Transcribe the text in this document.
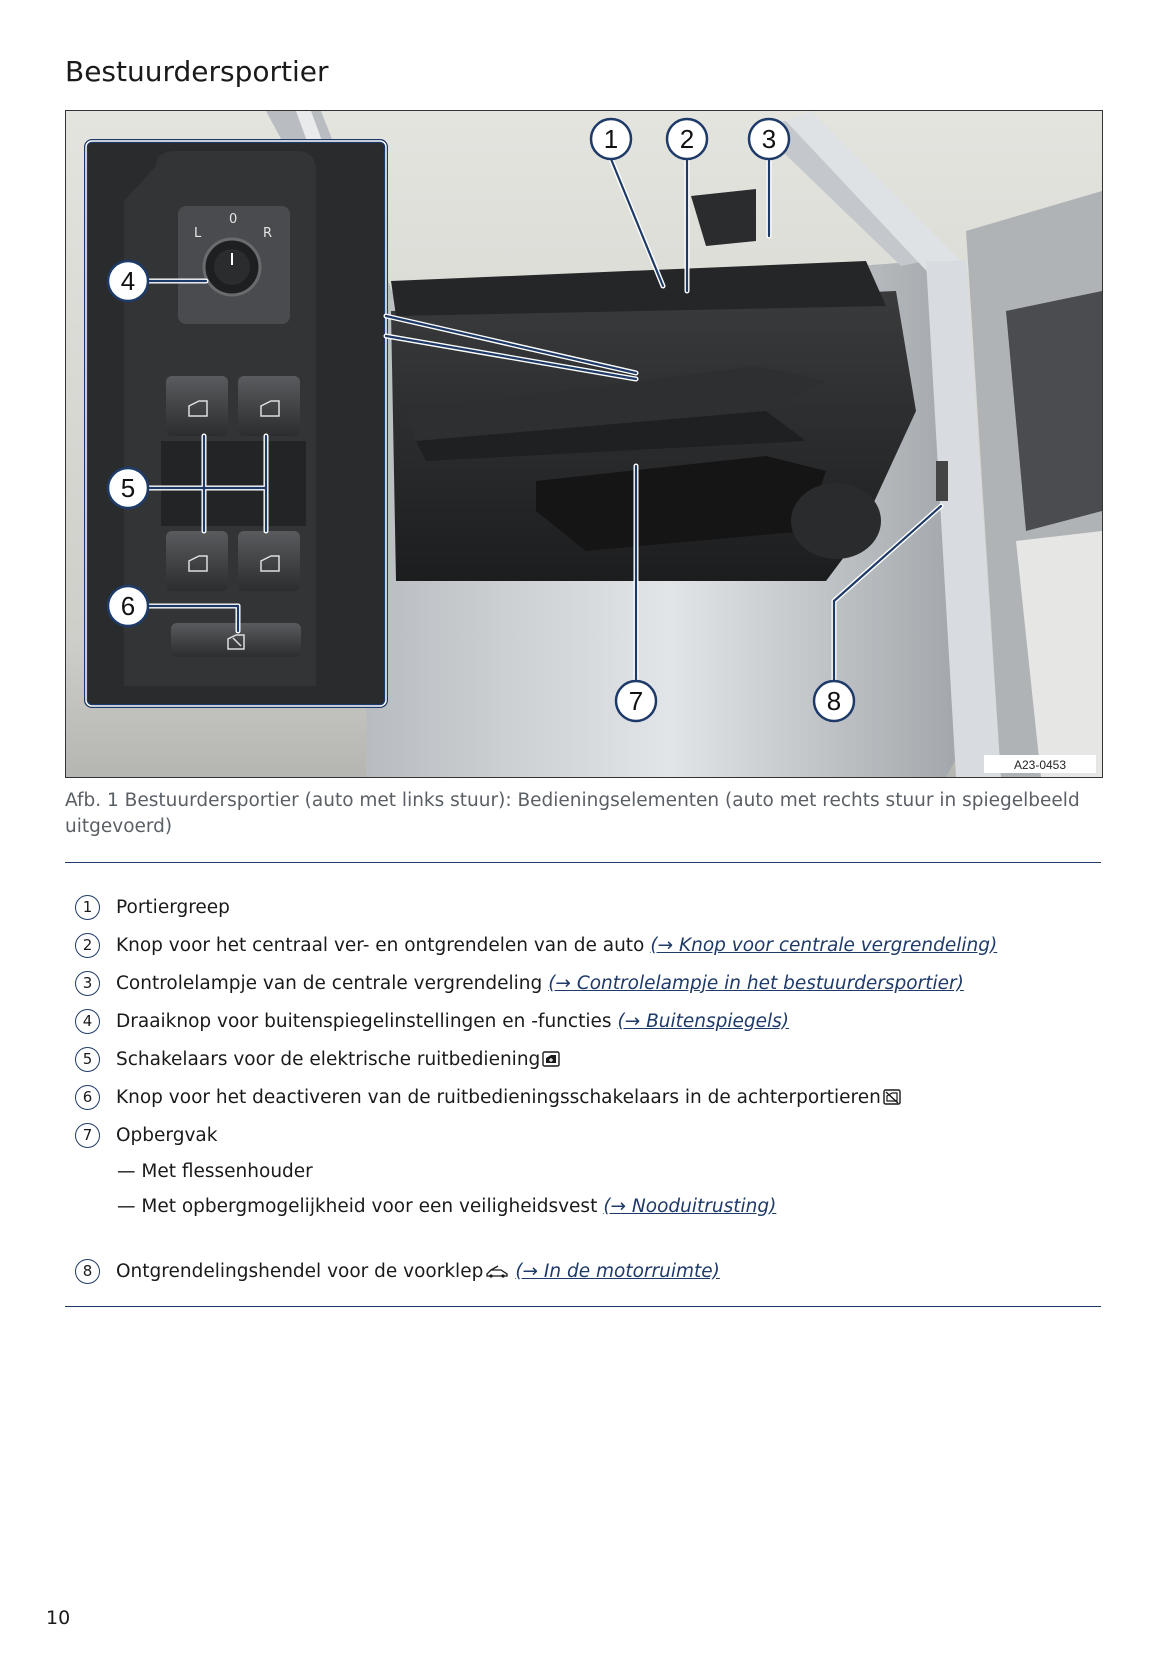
Bestuurdersportier
L
0
R
1 2	3
4
5
6
7	8
A23-0453
Afb. 1 Bestuurdersportier (auto met links stuur): Bedieningselementen (auto met rechts stuur in spiegelbeeld uitgevoerd)
1	Portiergreep
2	Knop voor het centraal ver- en ontgrendelen van de auto (→ Knop voor centrale vergrendeling)
3	Controlelampje van de centrale vergrendeling (→ Controlelampje in het bestuurdersportier)
4	Draaiknop voor buitenspiegelinstellingen en -functies (→ Buitenspiegels)
5	Schakelaars voor de elektrische ruitbediening
6	Knop voor het deactiveren van de ruitbedieningsschakelaars in de achterportieren
7	Opbergvak
— Met flessenhouder
— Met opbergmogelijkheid voor een veiligheidsvest (→ Nooduitrusting)
8	Ontgrendelingshendel voor de voorklep (→ In de motorruimte)
10
